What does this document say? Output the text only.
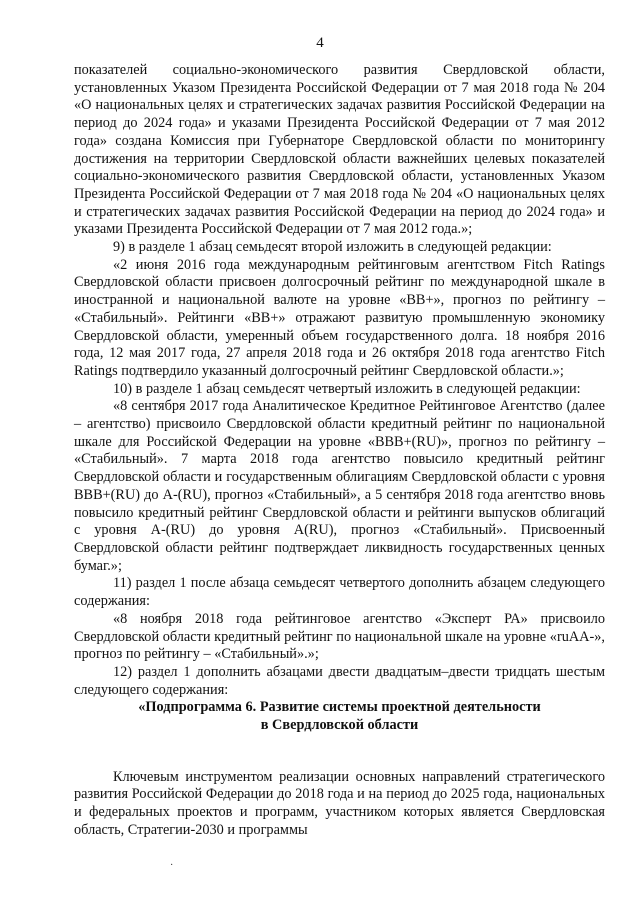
4

показателей социально-экономического развития Свердловской области, установленных Указом Президента Российской Федерации от 7 мая 2018 года № 204 «О национальных целях и стратегических задачах развития Российской Федерации на период до 2024 года» и указами Президента Российской Федерации от 7 мая 2012 года» создана Комиссия при Губернаторе Свердловской области по мониторингу достижения на территории Свердловской области важнейших целевых показателей социально-экономического развития Свердловской области, установленных Указом Президента Российской Федерации от 7 мая 2018 года № 204 «О национальных целях и стратегических задачах развития Российской Федерации на период до 2024 года» и указами Президента Российской Федерации от 7 мая 2012 года.»;

9) в разделе 1 абзац семьдесят второй изложить в следующей редакции:

«2 июня 2016 года международным рейтинговым агентством Fitch Ratings Свердловской области присвоен долгосрочный рейтинг по международной шкале в иностранной и национальной валюте на уровне «BB+», прогноз по рейтингу – «Стабильный». Рейтинги «BB+» отражают развитую промышленную экономику Свердловской области, умеренный объем государственного долга. 18 ноября 2016 года, 12 мая 2017 года, 27 апреля 2018 года и 26 октября 2018 года агентство Fitch Ratings подтвердило указанный долгосрочный рейтинг Свердловской области.»;

10) в разделе 1 абзац семьдесят четвертый изложить в следующей редакции:

«8 сентября 2017 года Аналитическое Кредитное Рейтинговое Агентство (далее – агентство) присвоило Свердловской области кредитный рейтинг по национальной шкале для Российской Федерации на уровне «BBB+(RU)», прогноз по рейтингу – «Стабильный». 7 марта 2018 года агентство повысило кредитный рейтинг Свердловской области и государственным облигациям Свердловской области с уровня BBB+(RU) до A-(RU), прогноз «Стабильный», а 5 сентября 2018 года агентство вновь повысило кредитный рейтинг Свердловской области и рейтинги выпусков облигаций с уровня A-(RU) до уровня A(RU), прогноз «Стабильный». Присвоенный Свердловской области рейтинг подтверждает ликвидность государственных ценных бумаг.»;

11) раздел 1 после абзаца семьдесят четвертого дополнить абзацем следующего содержания:

«8 ноября 2018 года рейтинговое агентство «Эксперт РА» присвоило Свердловской области кредитный рейтинг по национальной шкале на уровне «ruAA-», прогноз по рейтингу – «Стабильный».»;

12) раздел 1 дополнить абзацами двести двадцатым–двести тридцать шестым следующего содержания:

«Подпрограмма 6. Развитие системы проектной деятельности

в Свердловской области

Ключевым инструментом реализации основных направлений стратегического развития Российской Федерации до 2018 года и на период до 2025 года, национальных и федеральных проектов и программ, участником которых является Свердловская область, Стратегии-2030 и программы

·
